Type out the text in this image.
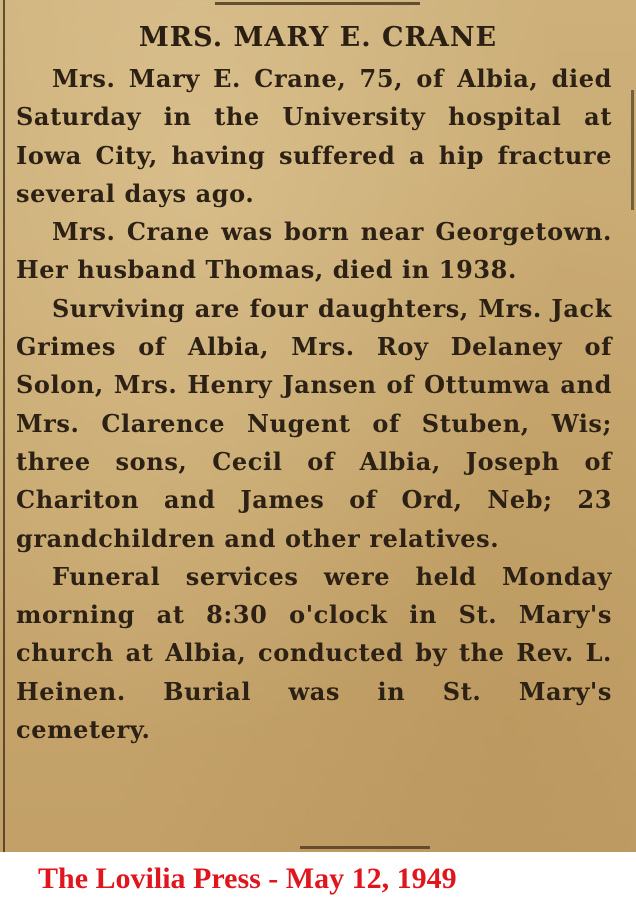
MRS. MARY E. CRANE

Mrs. Mary E. Crane, 75, of Albia, died Saturday in the University hospital at Iowa City, having suffered a hip fracture several days ago.

Mrs. Crane was born near Georgetown. Her husband Thomas, died in 1938.

Surviving are four daughters, Mrs. Jack Grimes of Albia, Mrs. Roy Delaney of Solon, Mrs. Henry Jansen of Ottumwa and Mrs. Clarence Nugent of Stuben, Wis; three sons, Cecil of Albia, Joseph of Chariton and James of Ord, Neb; 23 grandchildren and other relatives.

Funeral services were held Monday morning at 8:30 o'clock in St. Mary's church at Albia, conducted by the Rev. L. Heinen. Burial was in St. Mary's cemetery.

The Lovilia Press - May 12, 1949
